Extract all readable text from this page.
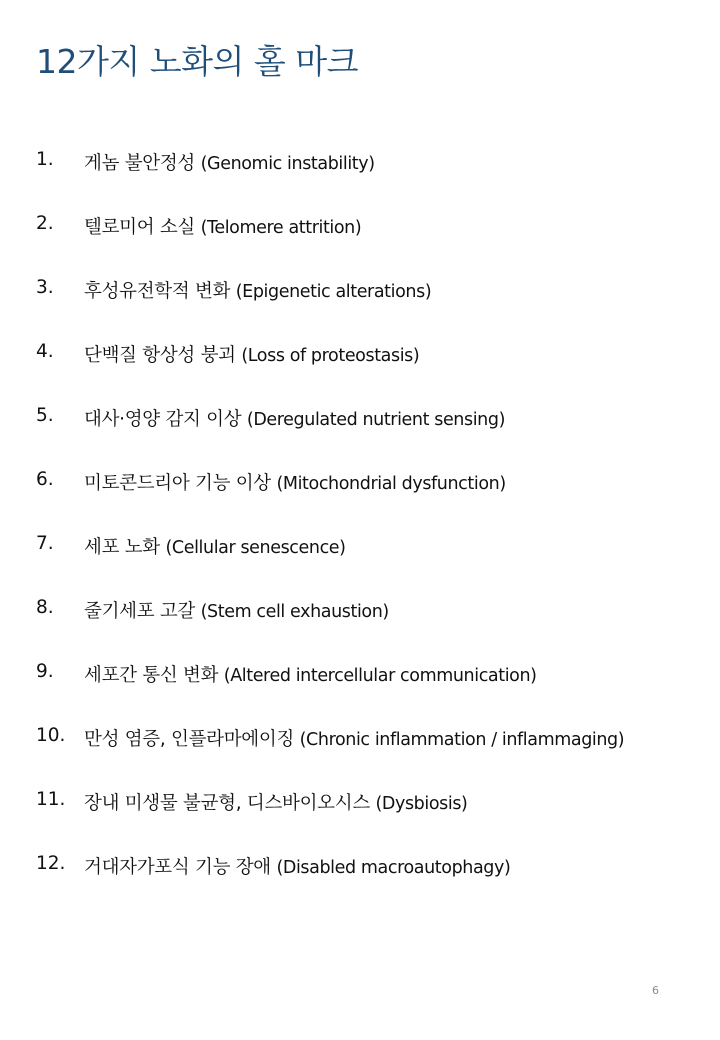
12가지 노화의 홀 마크
1. 게놈 불안정성 (Genomic instability)
2. 텔로미어 소실 (Telomere attrition)
3. 후성유전학적 변화 (Epigenetic alterations)
4. 단백질 항상성 붕괴 (Loss of proteostasis)
5. 대사·영양 감지 이상 (Deregulated nutrient sensing)
6. 미토콘드리아 기능 이상 (Mitochondrial dysfunction)
7. 세포 노화 (Cellular senescence)
8. 줄기세포 고갈 (Stem cell exhaustion)
9. 세포간 통신 변화 (Altered intercellular communication)
10. 만성 염증, 인플라마에이징 (Chronic inflammation / inflammaging)
11. 장내 미생물 불균형, 디스바이오시스 (Dysbiosis)
12. 거대자가포식 기능 장애 (Disabled macroautophagy)
6
